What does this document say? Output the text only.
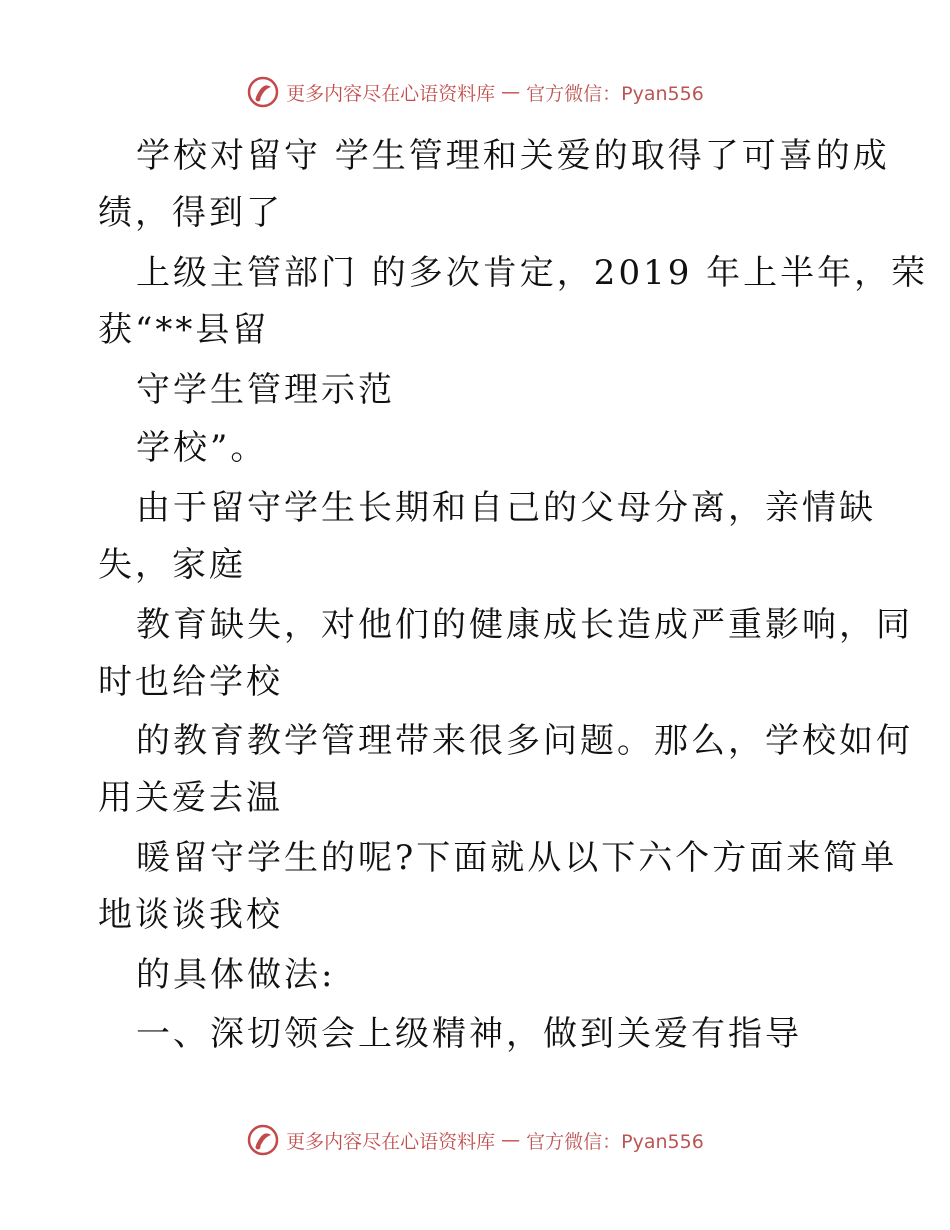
更多内容尽在心语资料库 — 官方微信：Pyan556
学校对留守 学生管理和关爱的取得了可喜的成
绩，得到了
上级主管部门 的多次肯定，2019 年上半年，荣
获“**县留
守学生管理示范
学校”。
由于留守学生长期和自己的父母分离，亲情缺
失，家庭
教育缺失，对他们的健康成长造成严重影响，同
时也给学校
的教育教学管理带来很多问题。那么，学校如何
用关爱去温
暖留守学生的呢?下面就从以下六个方面来简单
地谈谈我校
的具体做法:
一、深切领会上级精神，做到关爱有指导
更多内容尽在心语资料库 — 官方微信：Pyan556
